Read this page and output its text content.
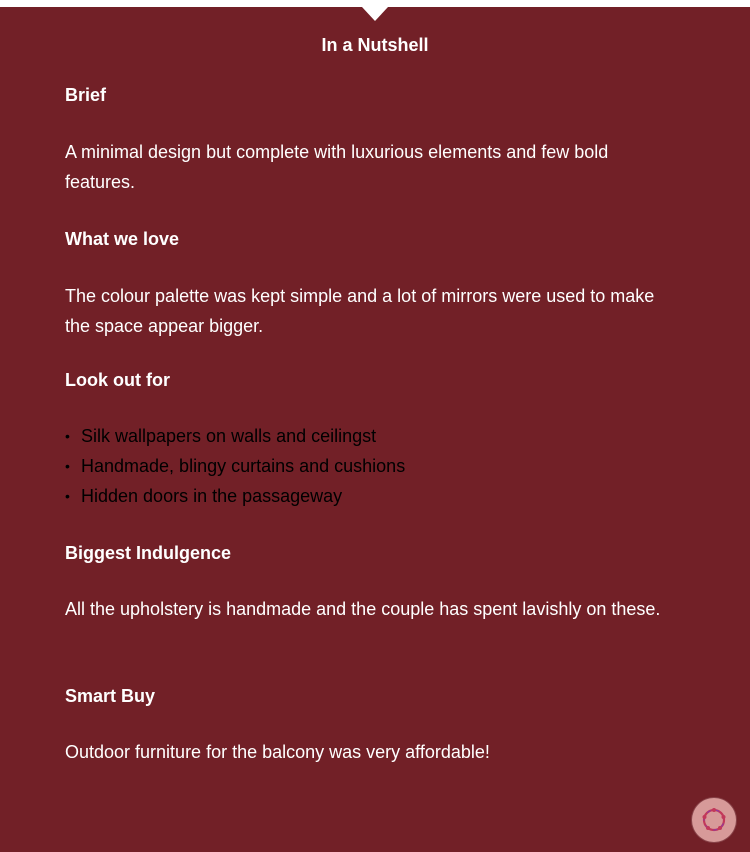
In a Nutshell
Brief

A minimal design but complete with luxurious elements and few bold features.

What we love

The colour palette was kept simple and a lot of mirrors were used to make the space appear bigger.

Look out for
• Silk wallpapers on walls and ceilingst
• Handmade, blingy curtains and cushions
• Hidden doors in the passageway
Biggest Indulgence

All the upholstery is handmade and the couple has spent lavishly on these.

Smart Buy

Outdoor furniture for the balcony was very affordable!
